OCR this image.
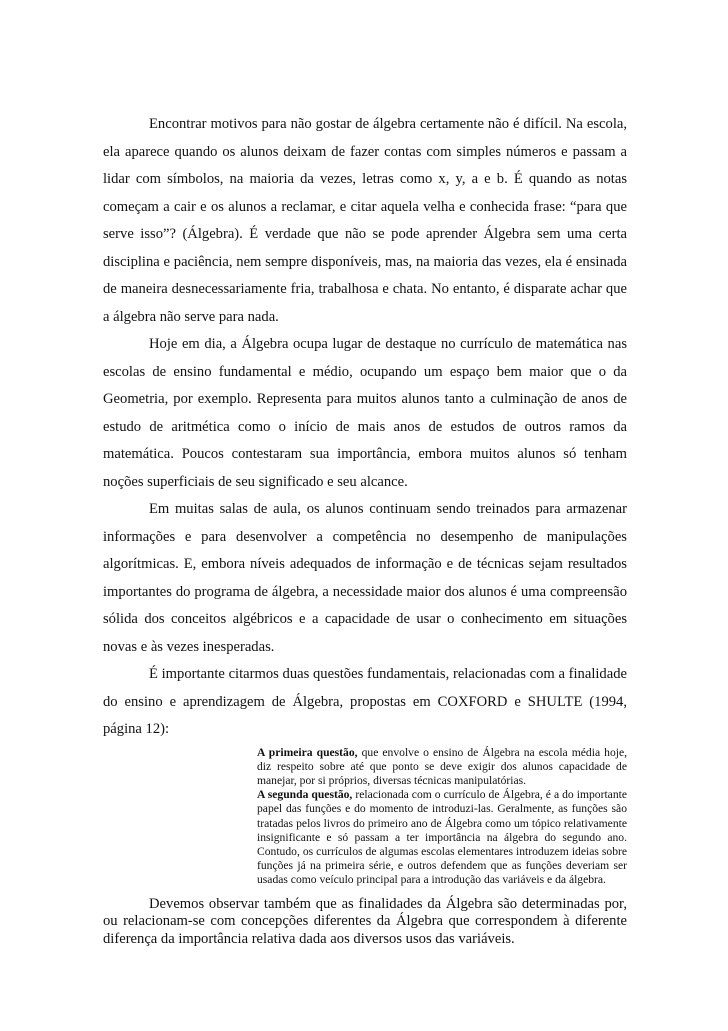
Encontrar motivos para não gostar de álgebra certamente não é difícil. Na escola, ela aparece quando os alunos deixam de fazer contas com simples números e passam a lidar com símbolos, na maioria da vezes, letras como x, y, a e b. É quando as notas começam a cair e os alunos a reclamar, e citar aquela velha e conhecida frase: “para que serve isso”? (Álgebra). É verdade que não se pode aprender Álgebra sem uma certa disciplina e paciência, nem sempre disponíveis, mas, na maioria das vezes, ela é ensinada de maneira desnecessariamente fria, trabalhosa e chata. No entanto, é disparate achar que a álgebra não serve para nada.

Hoje em dia, a Álgebra ocupa lugar de destaque no currículo de matemática nas escolas de ensino fundamental e médio, ocupando um espaço bem maior que o da Geometria, por exemplo. Representa para muitos alunos tanto a culminação de anos de estudo de aritmética como o início de mais anos de estudos de outros ramos da matemática. Poucos contestaram sua importância, embora muitos alunos só tenham noções superficiais de seu significado e seu alcance.

Em muitas salas de aula, os alunos continuam sendo treinados para armazenar informações e para desenvolver a competência no desempenho de manipulações algorítmicas. E, embora níveis adequados de informação e de técnicas sejam resultados importantes do programa de álgebra, a necessidade maior dos alunos é uma compreensão sólida dos conceitos algébricos e a capacidade de usar o conhecimento em situações novas e às vezes inesperadas.

É importante citarmos duas questões fundamentais, relacionadas com a finalidade do ensino e aprendizagem de Álgebra, propostas em COXFORD e SHULTE (1994, página 12):

A primeira questão, que envolve o ensino de Álgebra na escola média hoje, diz respeito sobre até que ponto se deve exigir dos alunos capacidade de manejar, por si próprios, diversas técnicas manipulatórias.

A segunda questão, relacionada com o currículo de Álgebra, é a do importante papel das funções e do momento de introduzi-las. Geralmente, as funções são tratadas pelos livros do primeiro ano de Álgebra como um tópico relativamente insignificante e só passam a ter importância na álgebra do segundo ano. Contudo, os currículos de algumas escolas elementares introduzem ideias sobre funções já na primeira série, e outros defendem que as funções deveriam ser usadas como veículo principal para a introdução das variáveis e da álgebra.

Devemos observar também que as finalidades da Álgebra são determinadas por, ou relacionam-se com concepções diferentes da Álgebra que correspondem à diferente diferença da importância relativa dada aos diversos usos das variáveis.
